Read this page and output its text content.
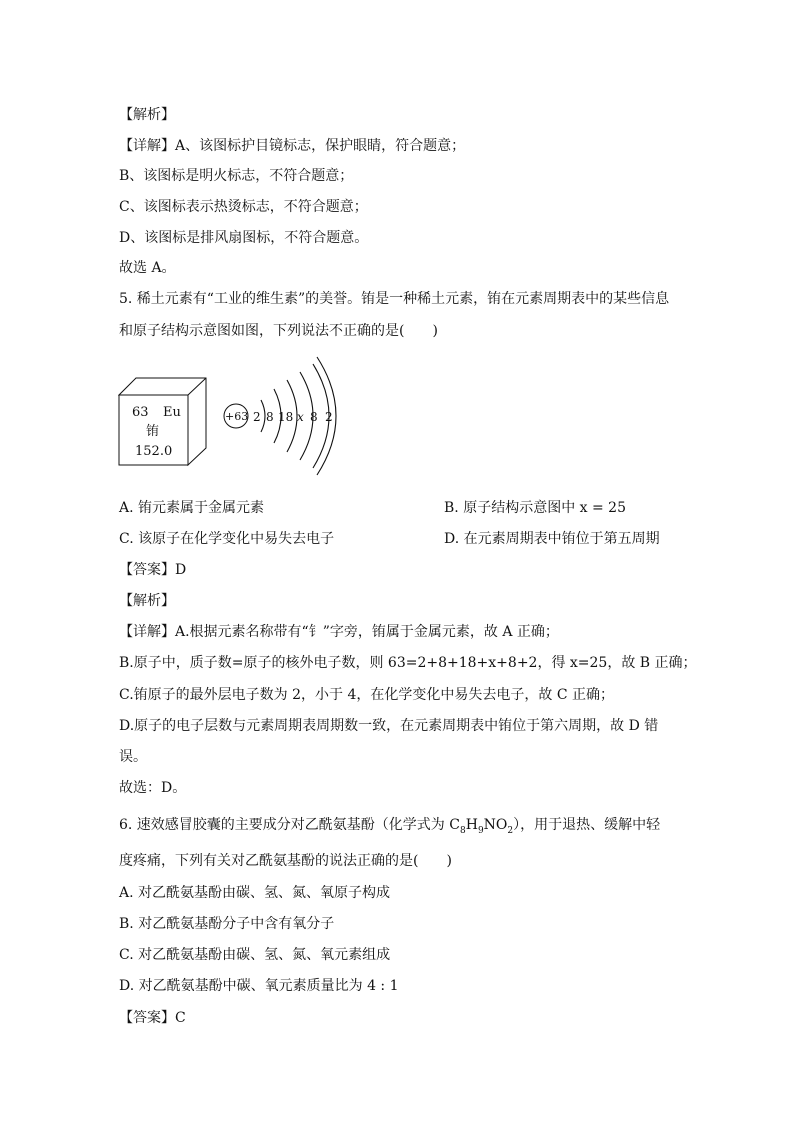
【解析】
【详解】A、该图标护目镜标志，保护眼睛，符合题意；
B、该图标是明火标志，不符合题意；
C、该图标表示热烫标志，不符合题意；
D、该图标是排风扇图标，不符合题意。
故选 A。
5. 稀土元素有“工业的维生素”的美誉。铕是一种稀土元素，铕在元素周期表中的某些信息
和原子结构示意图如图，下列说法不正确的是(　　)
63 Eu
铕
152.0
+63 2 8 18 x 8 2
A. 铕元素属于金属元素	B. 原子结构示意图中 x = 25
C. 该原子在化学变化中易失去电子	D. 在元素周期表中铕位于第五周期
【答案】D
【解析】
【详解】A.根据元素名称带有“钅”字旁，铕属于金属元素，故 A 正确；
B.原子中，质子数=原子的核外电子数，则 63=2+8+18+x+8+2，得 x=25，故 B 正确；
C.铕原子的最外层电子数为 2，小于 4，在化学变化中易失去电子，故 C 正确；
D.原子的电子层数与元素周期表周期数一致，在元素周期表中铕位于第六周期，故 D 错
误。
故选：D。
6. 速效感冒胶囊的主要成分对乙酰氨基酚（化学式为 $C_8H_9NO_2$），用于退热、缓解中轻
度疼痛，下列有关对乙酰氨基酚的说法正确的是(　　)
A. 对乙酰氨基酚由碳、氢、氮、氧原子构成
B. 对乙酰氨基酚分子中含有氧分子
C. 对乙酰氨基酚由碳、氢、氮、氧元素组成
D. 对乙酰氨基酚中碳、氧元素质量比为 4 : 1
【答案】C
